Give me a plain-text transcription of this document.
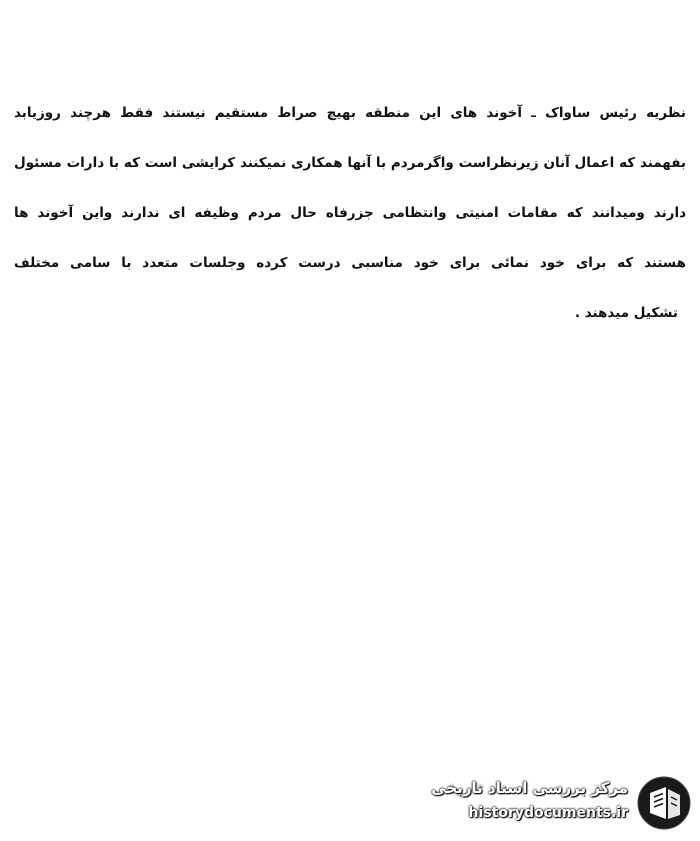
نظریه رئیس ساواک ـ آخوند های این منطقه بهیچ صراط مستقیم نیستند فقط هرچند روزیابد
بفهمند که اعمال آنان زیرنظراست واگرمردم با آنها همکاری نمیکنند کرایشی است که با دارات مسئول
دارند ومیدانند که مقامات امنیتی وانتظامی جزرفاه حال مردم وظیفه ای ندارند واین آخوند ها
هستند که برای خود نمائی برای خود مناسبی درست کرده وجلسات متعدد با سامی مختلف
تشکیل میدهند .
مرکز بررسی اسناد تاریخی
historydocuments.ir
